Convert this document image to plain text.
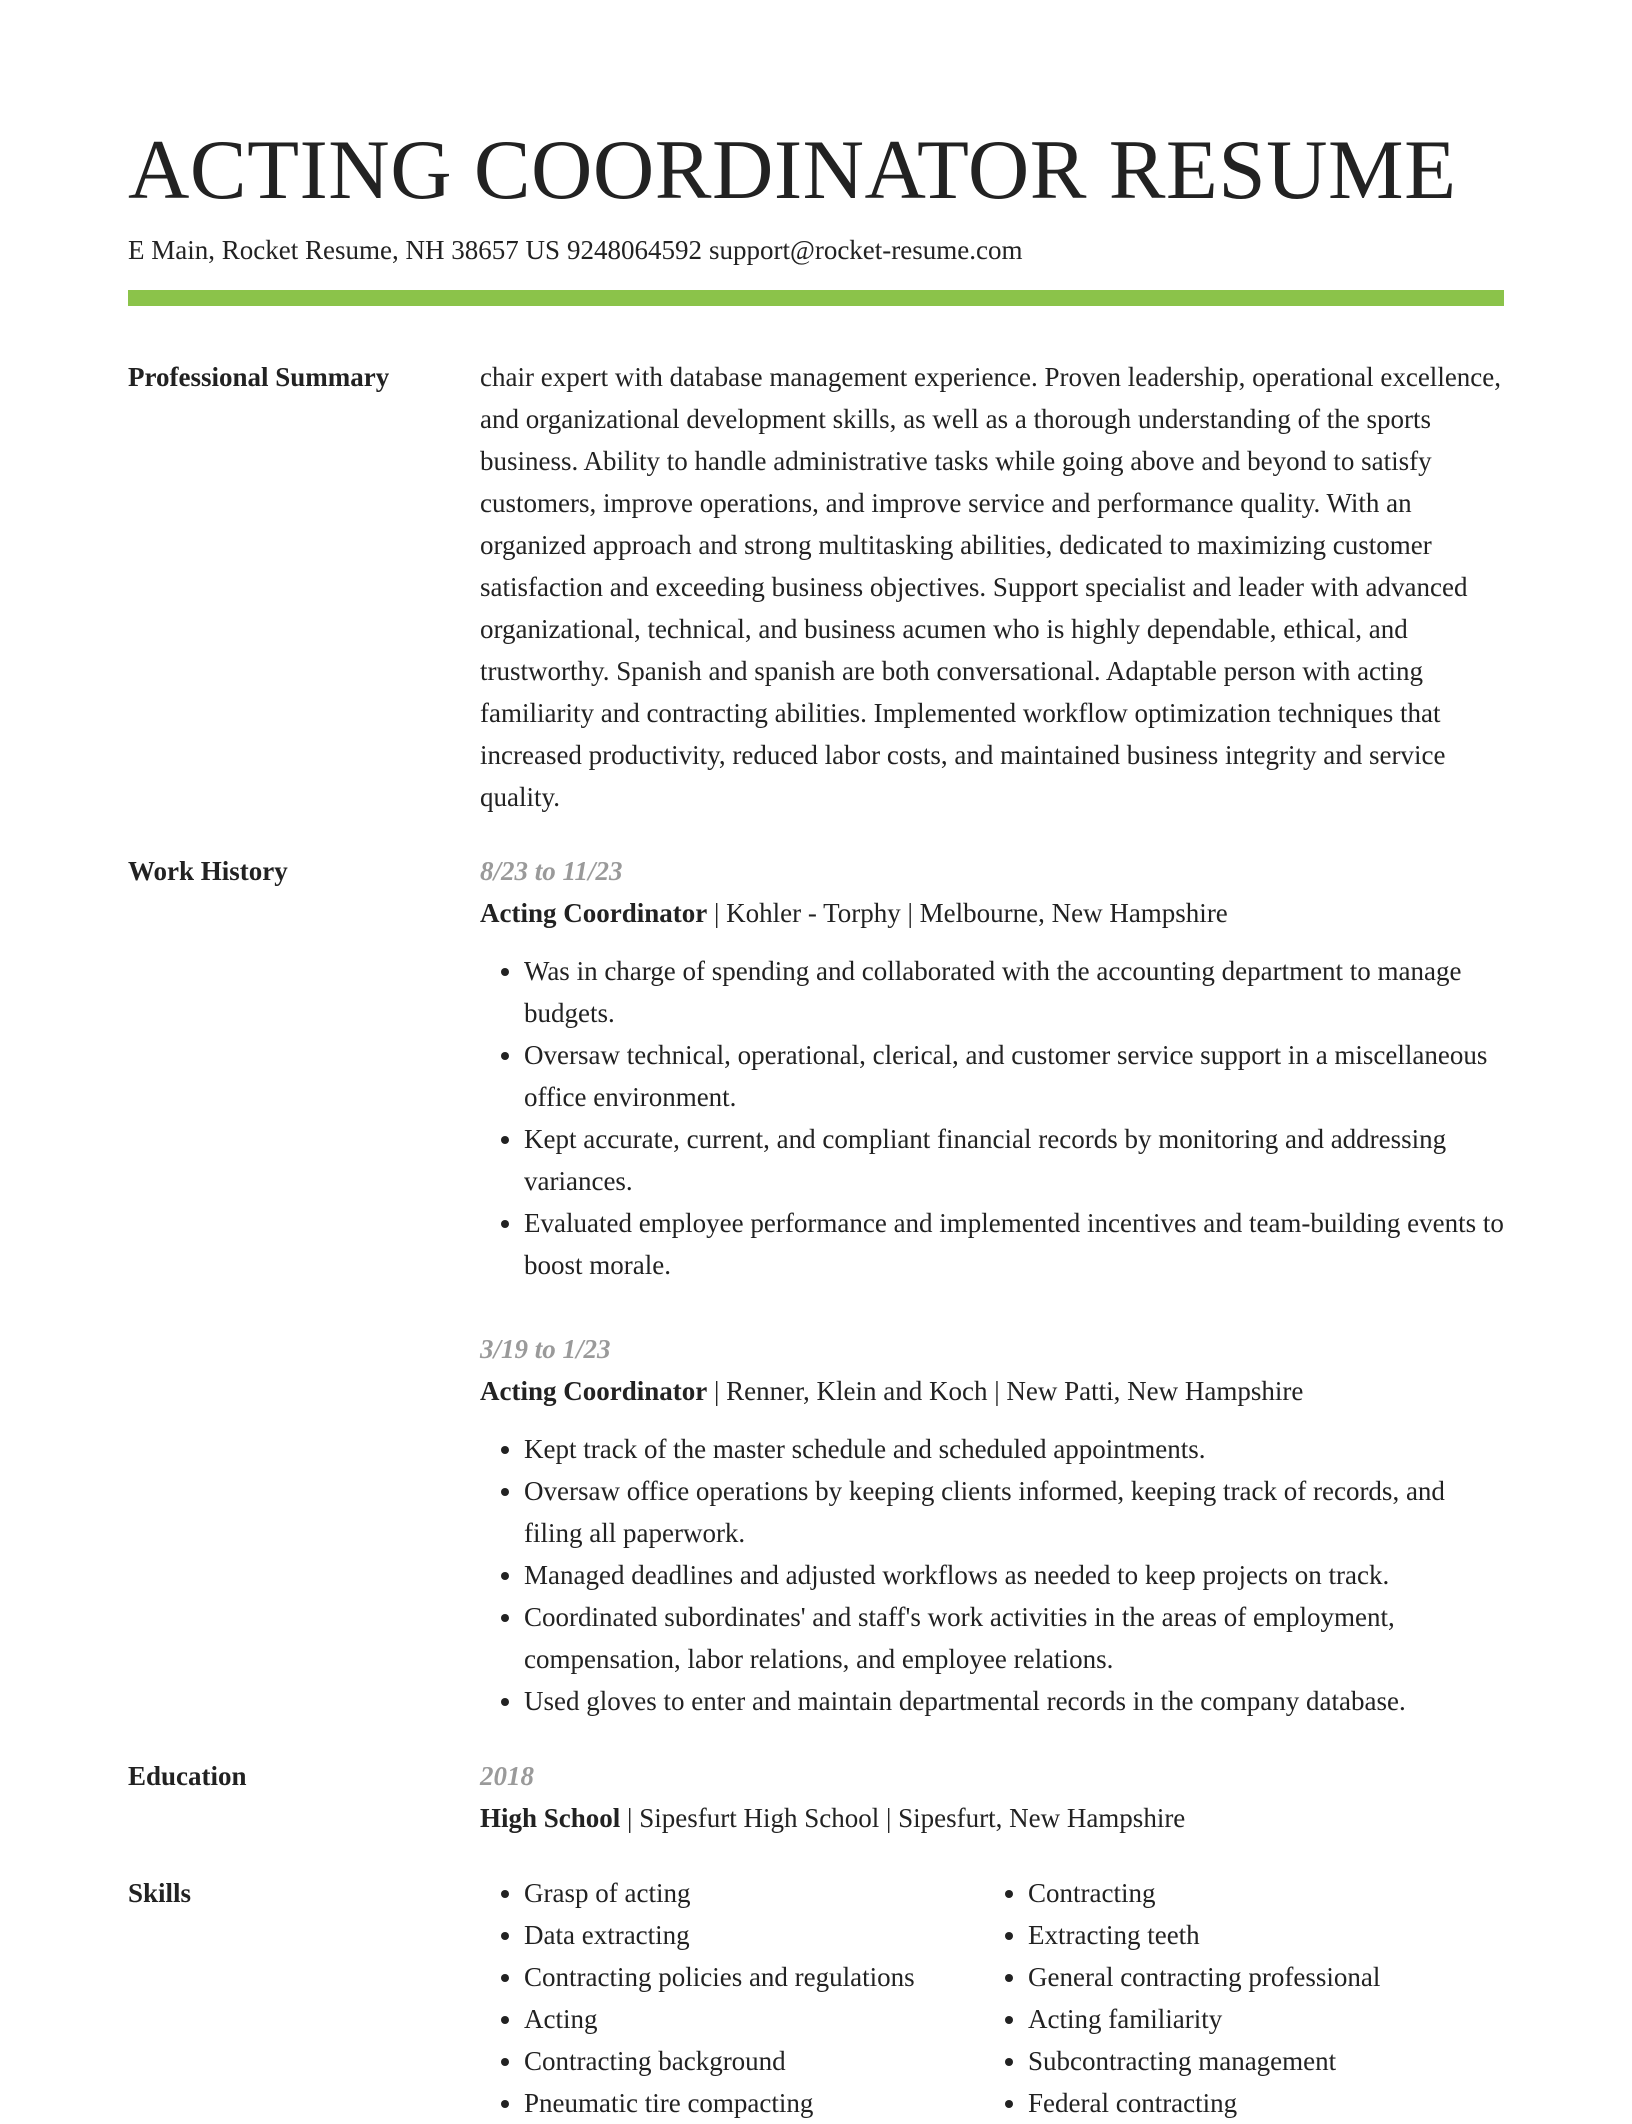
ACTING COORDINATOR RESUME
E Main, Rocket Resume, NH 38657 US 9248064592 support@rocket-resume.com
Professional Summary	chair expert with database management experience. Proven leadership, operational excellence, and organizational development skills, as well as a thorough understanding of the sports business. Ability to handle administrative tasks while going above and beyond to satisfy customers, improve operations, and improve service and performance quality. With an organized approach and strong multitasking abilities, dedicated to maximizing customer satisfaction and exceeding business objectives. Support specialist and leader with advanced organizational, technical, and business acumen who is highly dependable, ethical, and trustworthy. Spanish and spanish are both conversational. Adaptable person with acting familiarity and contracting abilities. Implemented workflow optimization techniques that increased productivity, reduced labor costs, and maintained business integrity and service quality.

Work History	8/23 to 11/23
Acting Coordinator | Kohler - Torphy | Melbourne, New Hampshire
• Was in charge of spending and collaborated with the accounting department to manage budgets.
• Oversaw technical, operational, clerical, and customer service support in a miscellaneous office environment.
• Kept accurate, current, and compliant financial records by monitoring and addressing variances.
• Evaluated employee performance and implemented incentives and team-building events to boost morale.
3/19 to 1/23
Acting Coordinator | Renner, Klein and Koch | New Patti, New Hampshire
• Kept track of the master schedule and scheduled appointments.
• Oversaw office operations by keeping clients informed, keeping track of records, and filing all paperwork.
• Managed deadlines and adjusted workflows as needed to keep projects on track.
• Coordinated subordinates' and staff's work activities in the areas of employment, compensation, labor relations, and employee relations.
• Used gloves to enter and maintain departmental records in the company database.
Education	2018
High School | Sipesfurt High School | Sipesfurt, New Hampshire
Skills
•	Grasp of acting
• Data extracting
• Contracting policies and regulations
• Acting
• Contracting background
• Pneumatic tire compacting
• Contracting
• Extracting teeth
• General contracting professional
• Acting familiarity
• Subcontracting management
• Federal contracting
